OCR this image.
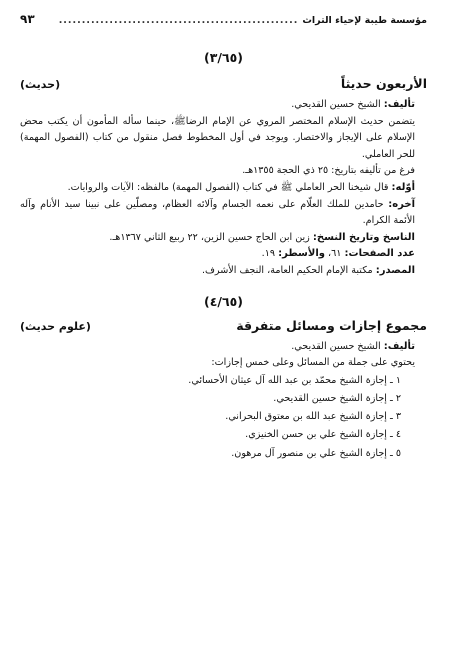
مؤسسة طيبة لإحياء التراث
....................................................
٩٣
(٣/٦٥)
الأربعون حديثاً
(حديث)

تأليف: الشيخ حسين القديحي.

يتضمن حديث الإسلام المختصر المروي عن الإمام الرضاﷺ، حينما سأله المأمون أن يكتب محض الإسلام على الإيجاز والاختصار. ويوجد في أول المخطوط فصل منقول من كتاب (الفصول المهمة) للحر العاملي.

فرغ من تأليفه بتاريخ: ٢٥ ذي الحجة ١٣٥٥هـ.

أوّله: قال شيخنا الحر العاملي ﷺ في كتاب (الفصول المهمة) مالفظه: الآيات والروايات.

آخره: حامدين للملك العلّام على نعمه الجسام وآلائه العظام، ومصلّين على نبينا سيد الأنام وآله الأئمة الكرام.

الناسخ وتاريخ النسخ: زين ابن الحاج حسين الزين، ٢٢ ربيع الثاني ١٣٦٧هـ.

عدد الصفحات: ٦١، والأسطر: ١٩.

المصدر: مكتبة الإمام الحكيم العامة، النجف الأشرف.

(٤/٦٥)
مجموع إجازات ومسائل متفرقة
(علوم حديث)

تأليف: الشيخ حسين القديحي.

يحتوي على جملة من المسائل وعلى خمس إجازات:

١ ـ إجازة الشيخ محمّد بن عبد الله آل عيثان الأحسائي.
٢ ـ إجازة الشيخ حسين القديحي.
٣ ـ إجازة الشيخ عبد الله بن معتوق البحراني.
٤ ـ إجازة الشيخ علي بن حسن الخنيزي.
٥ ـ إجازة الشيخ علي بن منصور آل مرهون.
